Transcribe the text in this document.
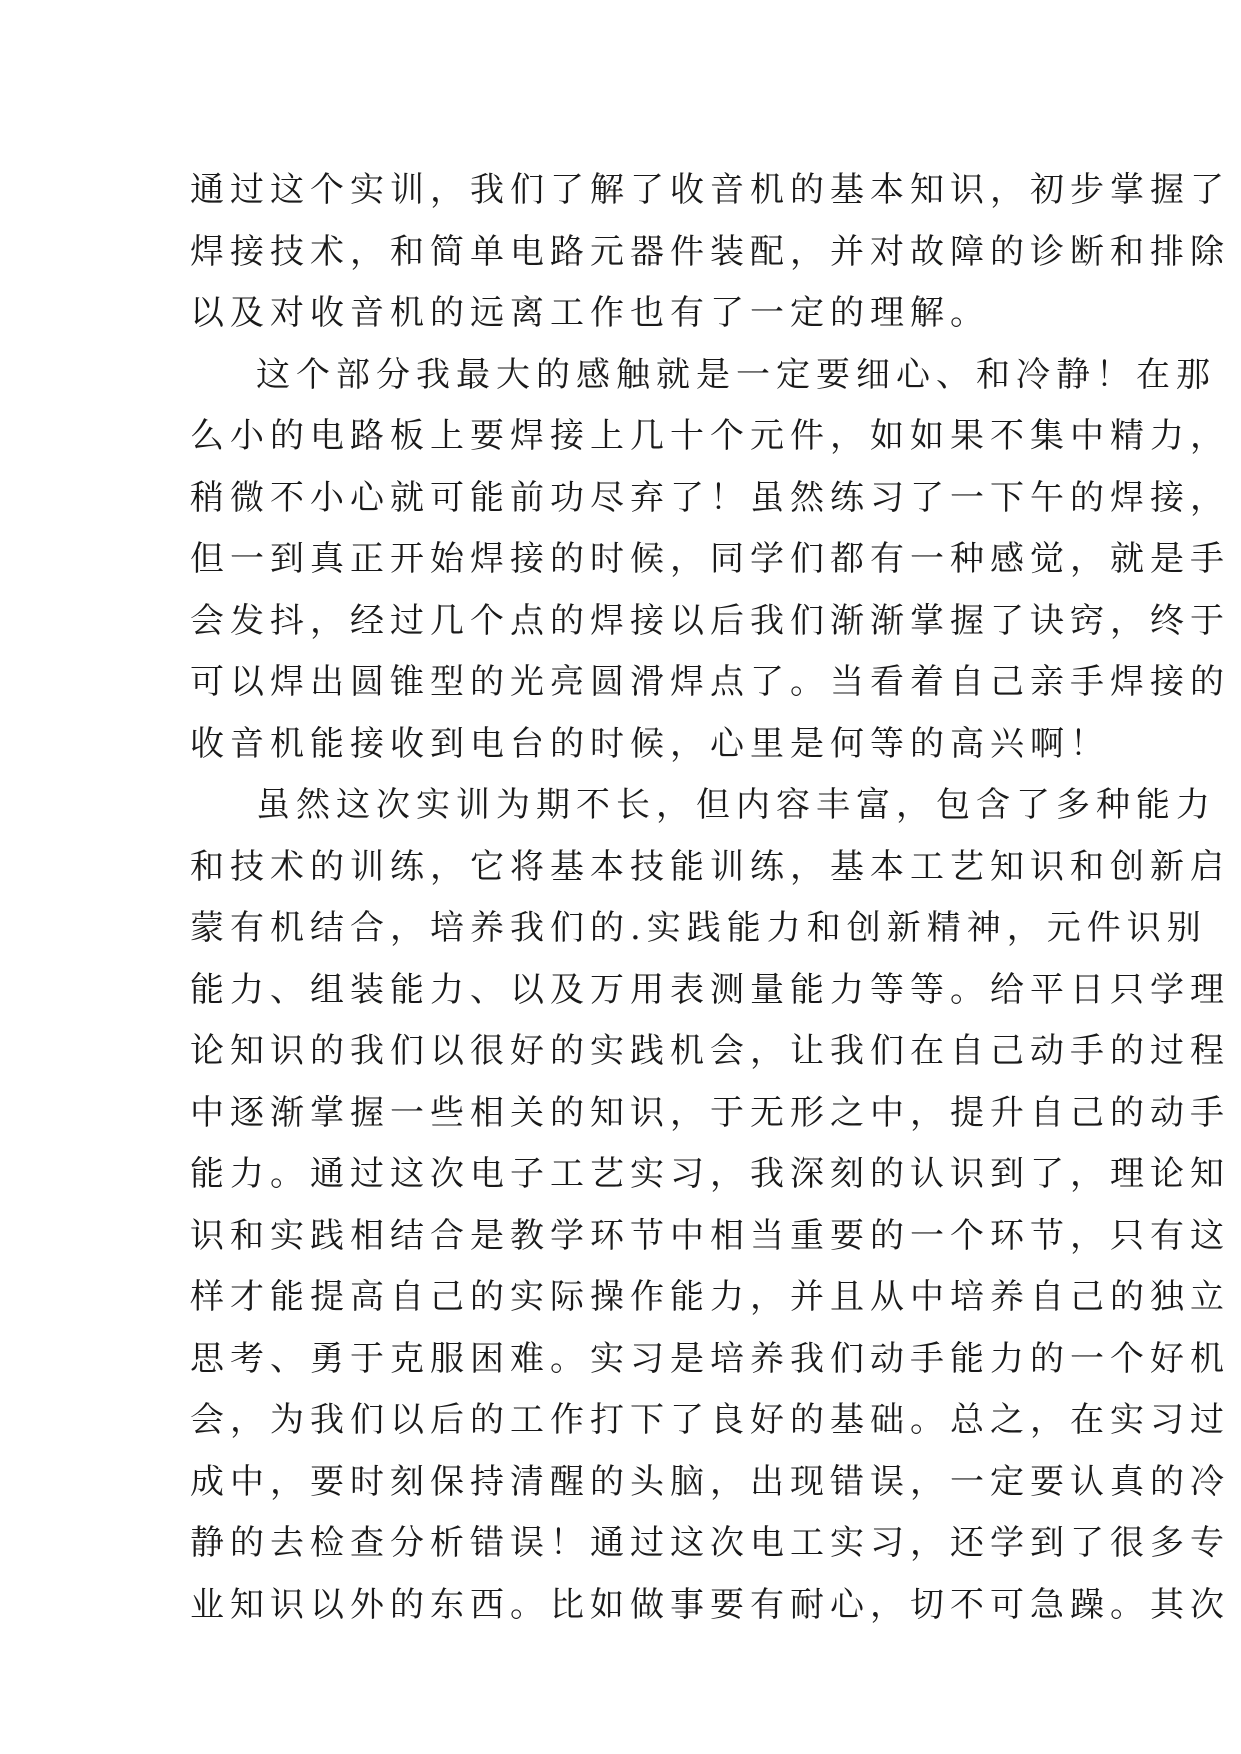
通过这个实训，我们了解了收音机的基本知识，初步掌握了
焊接技术，和简单电路元器件装配，并对故障的诊断和排除
以及对收音机的远离工作也有了一定的理解。
这个部分我最大的感触就是一定要细心、和冷静！在那
么小的电路板上要焊接上几十个元件，如如果不集中精力，
稍微不小心就可能前功尽弃了！虽然练习了一下午的焊接，
但一到真正开始焊接的时候，同学们都有一种感觉，就是手
会发抖，经过几个点的焊接以后我们渐渐掌握了诀窍，终于
可以焊出圆锥型的光亮圆滑焊点了。当看着自己亲手焊接的
收音机能接收到电台的时候，心里是何等的高兴啊！
虽然这次实训为期不长，但内容丰富，包含了多种能力
和技术的训练，它将基本技能训练，基本工艺知识和创新启
蒙有机结合，培养我们的.实践能力和创新精神，元件识别
能力、组装能力、以及万用表测量能力等等。给平日只学理
论知识的我们以很好的实践机会，让我们在自己动手的过程
中逐渐掌握一些相关的知识，于无形之中，提升自己的动手
能力。通过这次电子工艺实习，我深刻的认识到了，理论知
识和实践相结合是教学环节中相当重要的一个环节，只有这
样才能提高自己的实际操作能力，并且从中培养自己的独立
思考、勇于克服困难。实习是培养我们动手能力的一个好机
会，为我们以后的工作打下了良好的基础。总之，在实习过
成中，要时刻保持清醒的头脑，出现错误，一定要认真的冷
静的去检查分析错误！通过这次电工实习，还学到了很多专
业知识以外的东西。比如做事要有耐心，切不可急躁。其次
